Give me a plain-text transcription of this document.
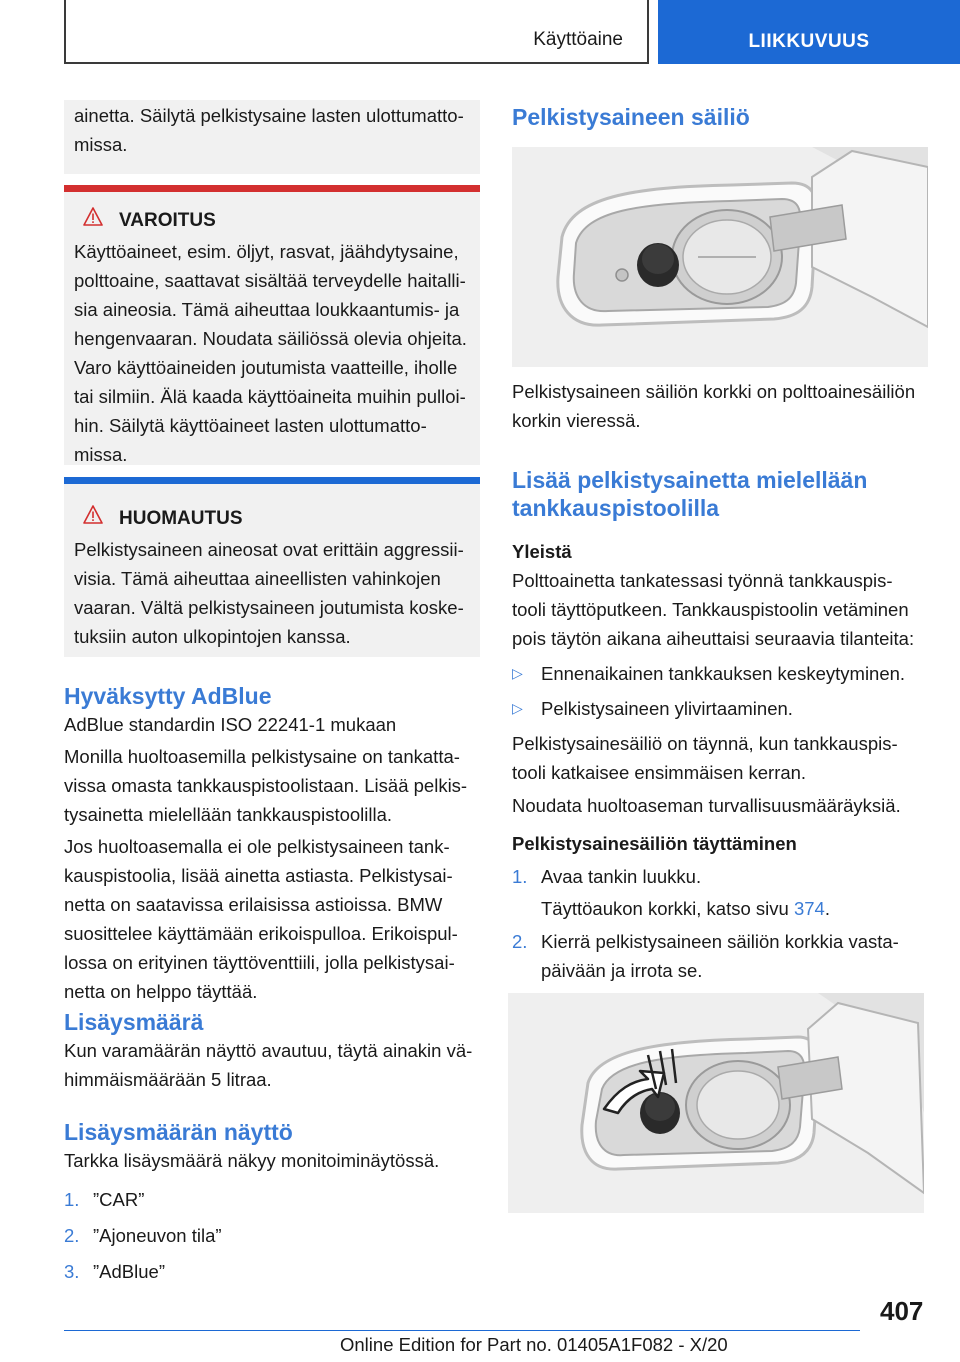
Käyttöaine	LIIKKUVUUS

ainetta. Säilytä pelkistysaine lasten ulottumatto-

missa.

VAROITUS

Käyttöaineet, esim. öljyt, rasvat, jäähdytysaine,

polttoaine, saattavat sisältää terveydelle haitalli-

sia aineosia. Tämä aiheuttaa loukkaantumis- ja

hengenvaaran. Noudata säiliössä olevia ohjeita.

Varo käyttöaineiden joutumista vaatteille, iholle

tai silmiin. Älä kaada käyttöaineita muihin pulloi-

hin. Säilytä käyttöaineet lasten ulottumatto-

missa.

HUOMAUTUS

Pelkistysaineen aineosat ovat erittäin aggressii-

visia. Tämä aiheuttaa aineellisten vahinkojen

vaaran. Vältä pelkistysaineen joutumista koske-

tuksiin auton ulkopintojen kanssa.

Hyväksytty AdBlue

AdBlue standardin ISO 22241-1 mukaan

Monilla huoltoasemilla pelkistysaine on tankatta-

vissa omasta tankkauspistoolistaan. Lisää pelkis-

tysainetta mielellään tankkauspistoolilla.

Jos huoltoasemalla ei ole pelkistysaineen tank-

kauspistoolia, lisää ainetta astiasta. Pelkistysai-

netta on saatavissa erilaisissa astioissa. BMW

suosittelee käyttämään erikoispulloa. Erikoispul-

lossa on erityinen täyttöventtiili, jolla pelkistysai-

netta on helppo täyttää.

Lisäysmäärä

Kun varamäärän näyttö avautuu, täytä ainakin vä-

himmäismäärään 5 litraa.

Lisäysmäärän näyttö

Tarkka lisäysmäärä näkyy monitoiminäytössä.

1. ”CAR”
2. ”Ajoneuvon tila”
3. ”AdBlue”
Pelkistysaineen säiliö

Pelkistysaineen säiliön korkki on polttoainesäiliön

korkin vieressä.

Lisää pelkistysainetta mielellään
tankkauspistoolilla
Yleistä

Polttoainetta tankatessasi työnnä tankkauspis-

tooli täyttöputkeen. Tankkauspistoolin vetäminen

pois täytön aikana aiheuttaisi seuraavia tilanteita:

▷ Ennenaikainen tankkauksen keskeytyminen.
▷ Pelkistysaineen ylivirtaaminen.

Pelkistysainesäiliö on täynnä, kun tankkauspis-

tooli katkaisee ensimmäisen kerran.

Noudata huoltoaseman turvallisuusmääräyksiä.

Pelkistysainesäiliön täyttäminen
1. Avaa tankin luukku.

Täyttöaukon korkki, katso sivu 374.

2. Kierrä pelkistysaineen säiliön korkkia vasta-
päivään ja irrota se.
407
Online Edition for Part no. 01405A1F082 - X/20
